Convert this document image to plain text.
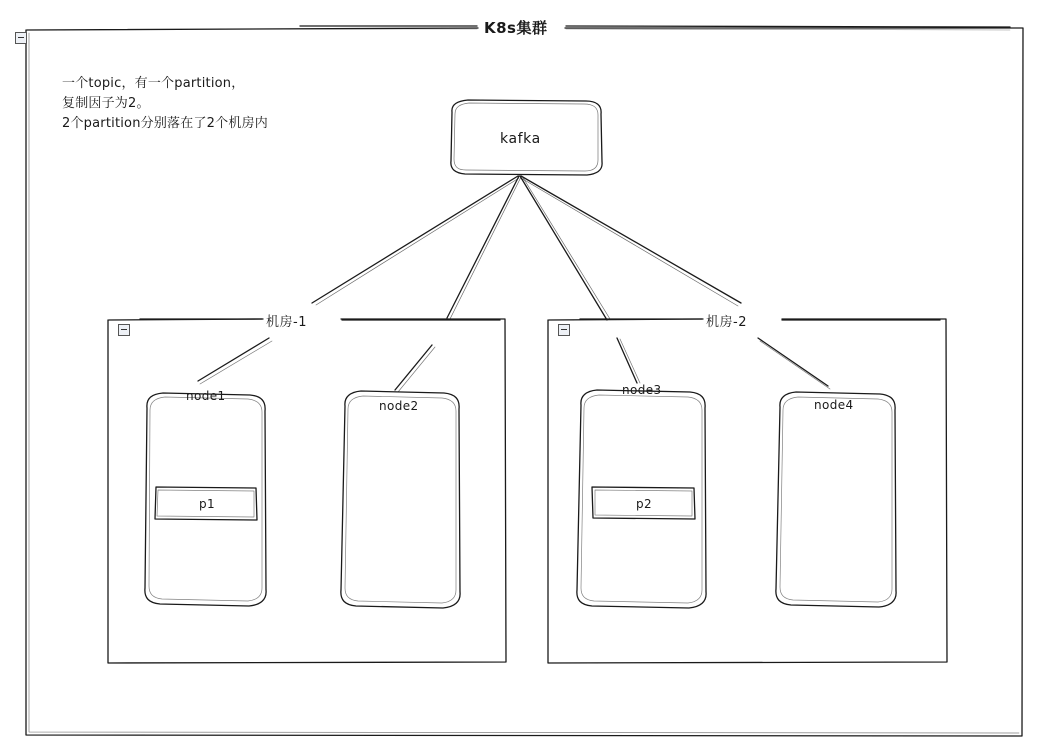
K8s集群
机房-1	机房-2
一个topic，有一个partition，
复制因子为2。
2个partition分别落在了2个机房内
kafka
node1
node2
node3
node4
p1	p2
